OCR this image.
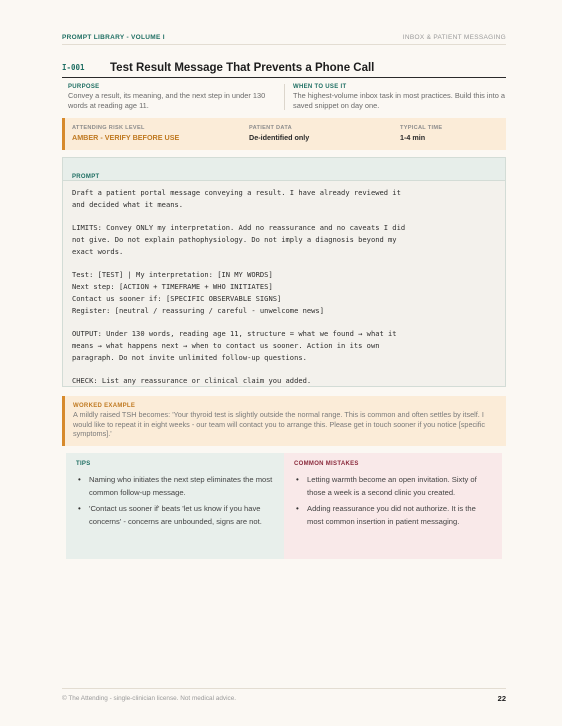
PROMPT LIBRARY - VOLUME I	INBOX & PATIENT MESSAGING
I-001 Test Result Message That Prevents a Phone Call
PURPOSE
Convey a result, its meaning, and the next step in under 130 words at reading age 11.
WHEN TO USE IT
The highest-volume inbox task in most practices. Build this into a saved snippet on day one.
ATTENDING RISK LEVEL
AMBER - VERIFY BEFORE USE
PATIENT DATA
De-identified only
TYPICAL TIME
1-4 min
PROMPT
Draft a patient portal message conveying a result. I have already reviewed it
and decided what it means.
LIMITS: Convey ONLY my interpretation. Add no reassurance and no caveats I did
not give. Do not explain pathophysiology. Do not imply a diagnosis beyond my
exact words.
Test: [TEST] | My interpretation: [IN MY WORDS]
Next step: [ACTION + TIMEFRAME + WHO INITIATES]
Contact us sooner if: [SPECIFIC OBSERVABLE SIGNS]
Register: [neutral / reassuring / careful - unwelcome news]
OUTPUT: Under 130 words, reading age 11, structure = what we found → what it
means → what happens next → when to contact us sooner. Action in its own
paragraph. Do not invite unlimited follow-up questions.
CHECK: List any reassurance or clinical claim you added.
WORKED EXAMPLE
A mildly raised TSH becomes: 'Your thyroid test is slightly outside the normal range. This is common and often settles by itself. I would like to repeat it in eight weeks - our team will contact you to arrange this. Please get in touch sooner if you notice [specific symptoms].'
TIPS
• Naming who initiates the next step eliminates the most common follow-up message.
• 'Contact us sooner if' beats 'let us know if you have concerns' - concerns are unbounded, signs are not.
COMMON MISTAKES
• Letting warmth become an open invitation. Sixty of those a week is a second clinic you created.
• Adding reassurance you did not authorize. It is the most common insertion in patient messaging.
© The Attending - single-clinician license. Not medical advice.	22
